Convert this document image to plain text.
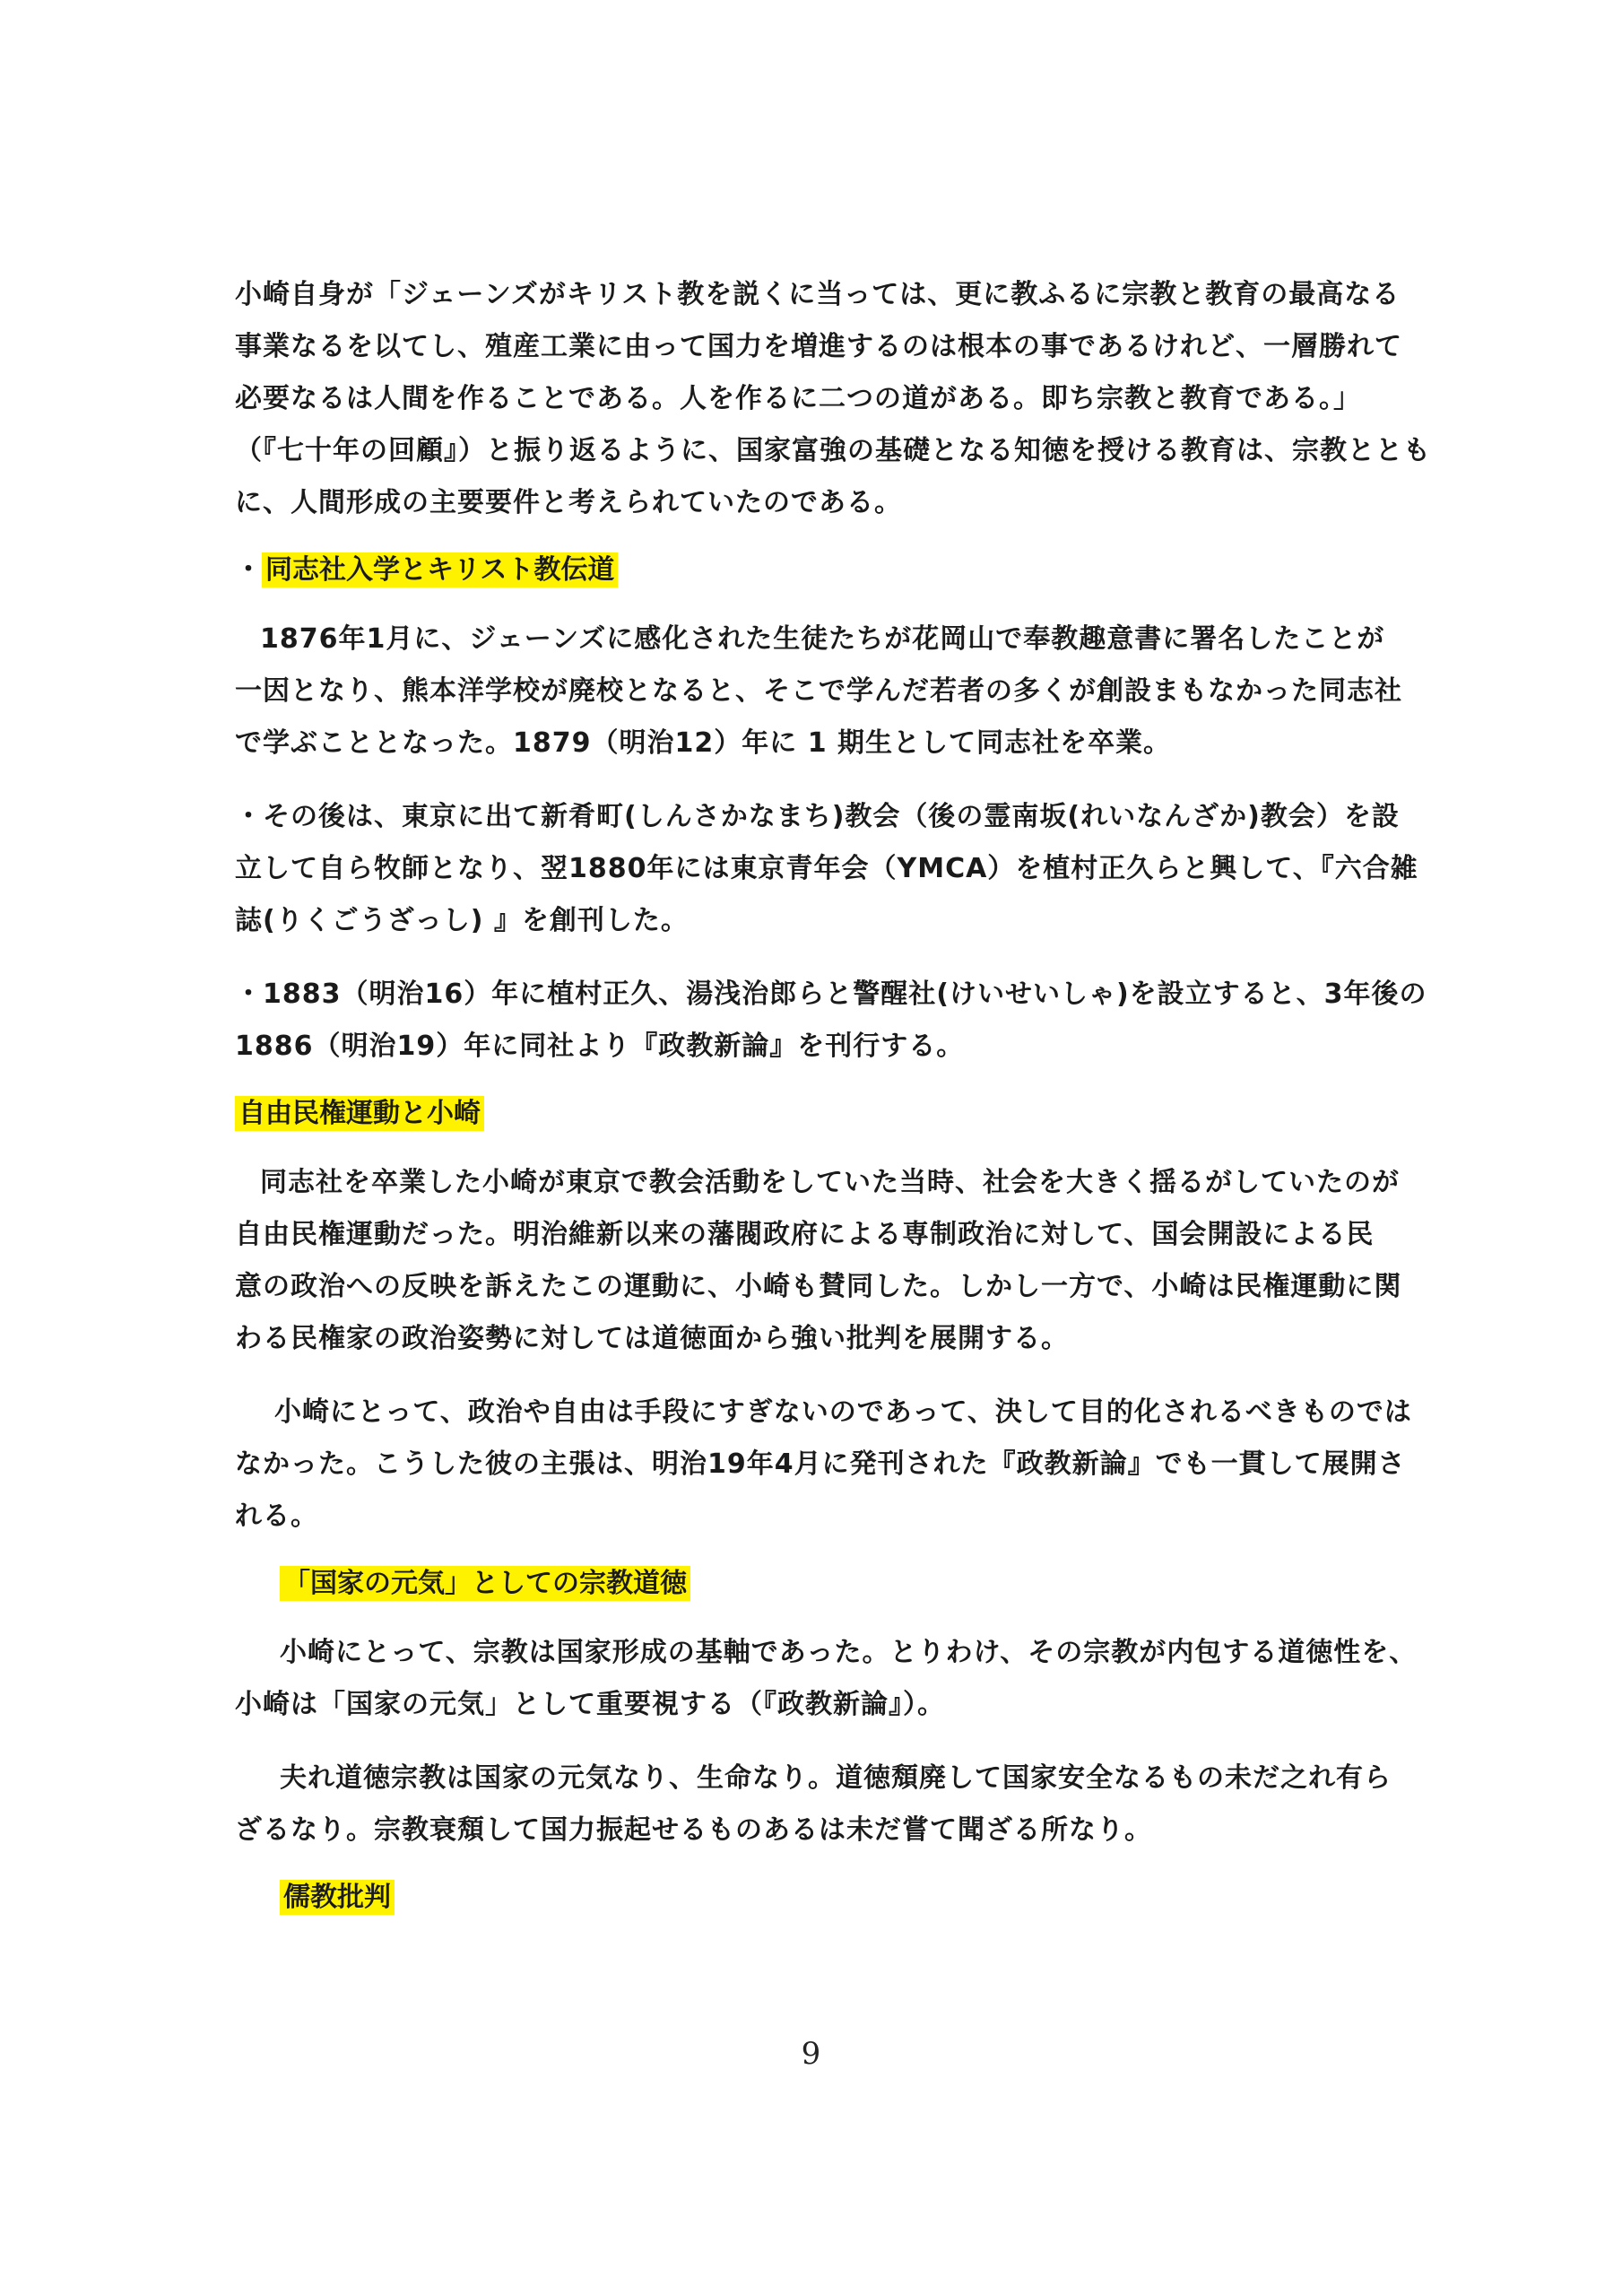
小崎自身が「ジェーンズがキリスト教を説くに当っては、更に教ふるに宗教と教育の最高なる
事業なるを以てし、殖産工業に由って国力を増進するのは根本の事であるけれど、一層勝れて
必要なるは人間を作ることである。人を作るに二つの道がある。即ち宗教と教育である。」
（『七十年の回顧』）と振り返るように、国家富強の基礎となる知徳を授ける教育は、宗教ととも
に、人間形成の主要要件と考えられていたのである。
・ 同志社入学とキリスト教伝道
1876年1月に、ジェーンズに感化された生徒たちが花岡山で奉教趣意書に署名したことが
一因となり、熊本洋学校が廃校となると、そこで学んだ若者の多くが創設まもなかった同志社
で学ぶこととなった。1879（明治12）年に 1 期生として同志社を卒業。
・その後は、東京に出て新肴町(しんさかなまち)教会（後の霊南坂(れいなんざか)教会）を設
立して自ら牧師となり、翌1880年には東京青年会（YMCA）を植村正久らと興して、『六合雑
誌(りくごうざっし) 』を創刊した。
・1883（明治16）年に植村正久、湯浅治郎らと警醒社(けいせいしゃ)を設立すると、3年後の
1886（明治19）年に同社より『政教新論』を刊行する。
自由民権運動と小崎
同志社を卒業した小崎が東京で教会活動をしていた当時、社会を大きく揺るがしていたのが
自由民権運動だった。明治維新以来の藩閥政府による専制政治に対して、国会開設による民
意の政治への反映を訴えたこの運動に、小崎も賛同した。しかし一方で、小崎は民権運動に関
わる民権家の政治姿勢に対しては道徳面から強い批判を展開する。
小崎にとって、政治や自由は手段にすぎないのであって、決して目的化されるべきものでは
なかった。こうした彼の主張は、明治19年4月に発刊された『政教新論』でも一貫して展開さ
れる。
「国家の元気」としての宗教道徳
小崎にとって、宗教は国家形成の基軸であった。とりわけ、その宗教が内包する道徳性を、
小崎は「国家の元気」として重要視する（『政教新論』）。
夫れ道徳宗教は国家の元気なり、生命なり。道徳頽廃して国家安全なるもの未だ之れ有ら
ざるなり。宗教衰頽して国力振起せるものあるは未だ嘗て聞ざる所なり。
儒教批判
9
